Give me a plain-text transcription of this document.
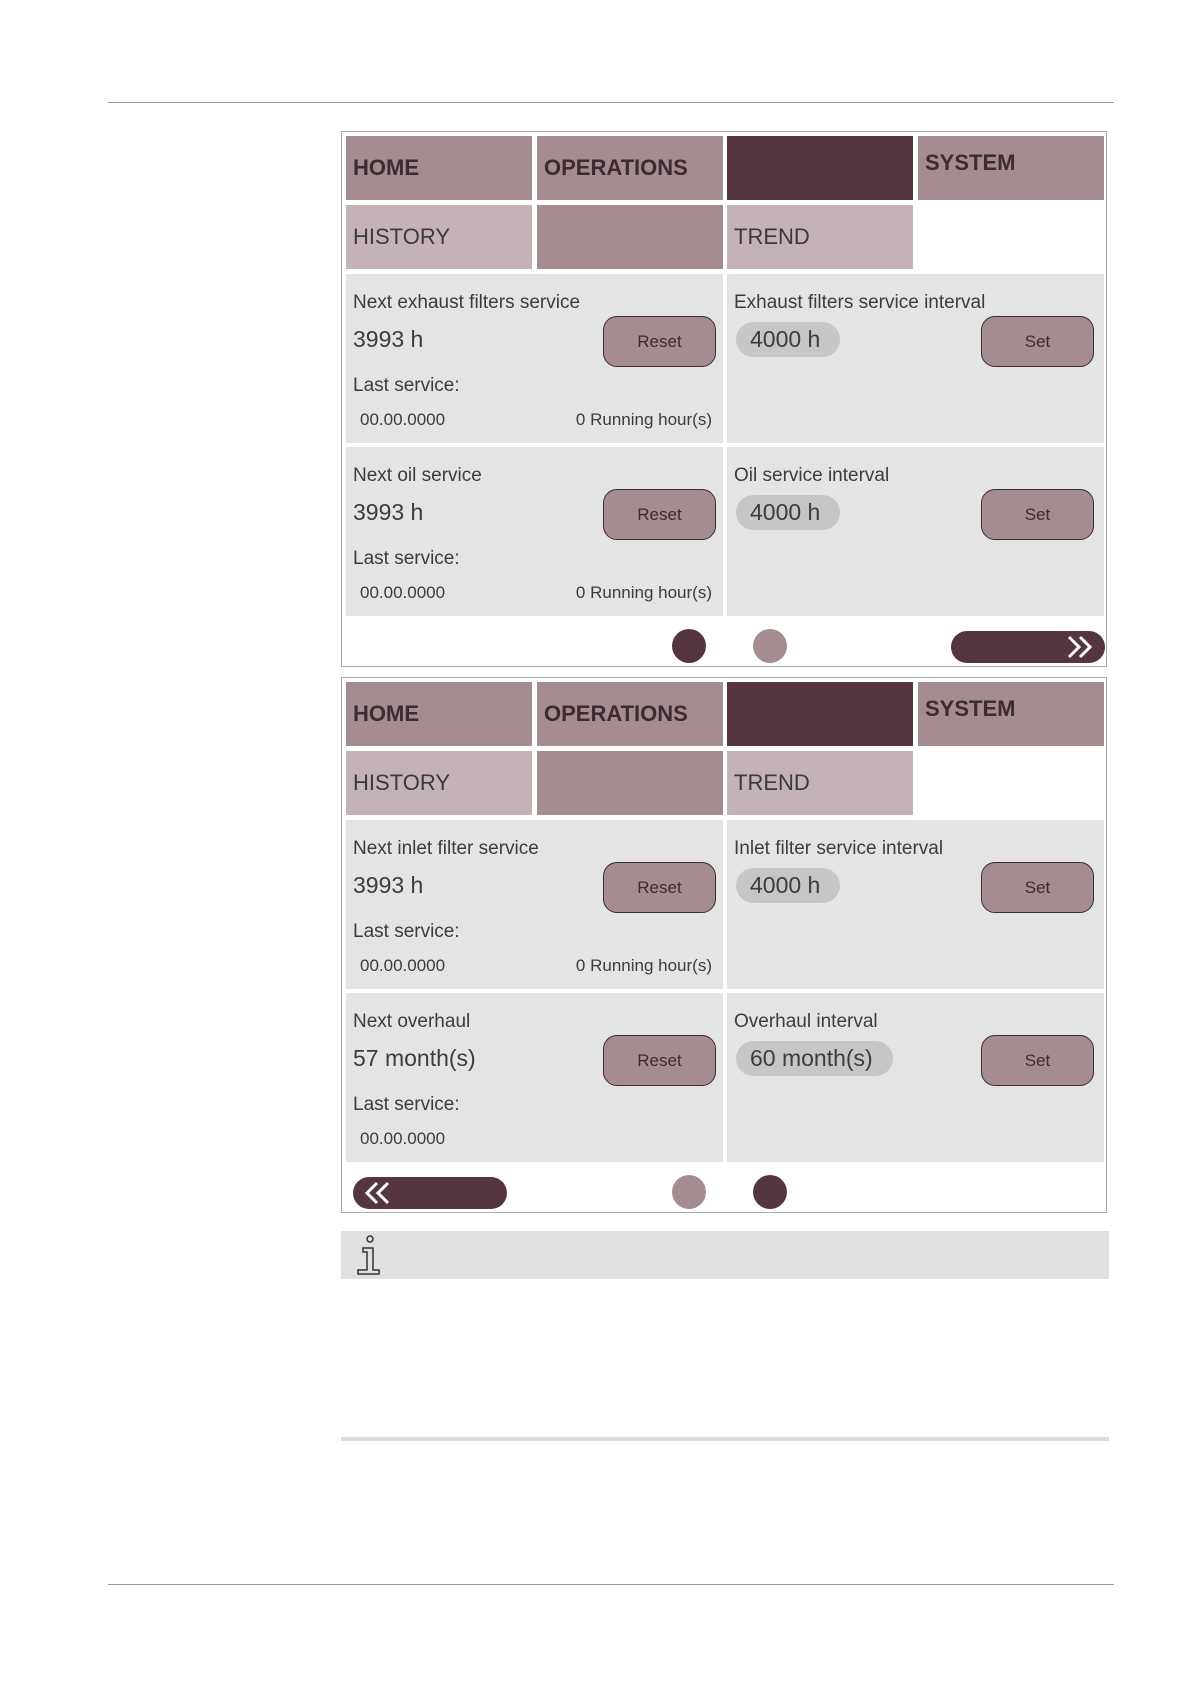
HOME	OPERATIONS	SYSTEM
HISTORY	TREND
Next exhaust filters service
3993 h	Reset
Last service:
00.00.0000	0 Running hour(s)
Exhaust filters service interval
4000 h	Set
Next oil service
3993 h	Reset
Last service:
00.00.0000	0 Running hour(s)
Oil service interval
4000 h	Set
HOME	OPERATIONS	SYSTEM
HISTORY	TREND
Next inlet filter service
3993 h	Reset
Last service:
00.00.0000	0 Running hour(s)
Inlet filter service interval
4000 h	Set
Next overhaul
57 month(s)	Reset
Last service:
00.00.0000
Overhaul interval
60 month(s)	Set
